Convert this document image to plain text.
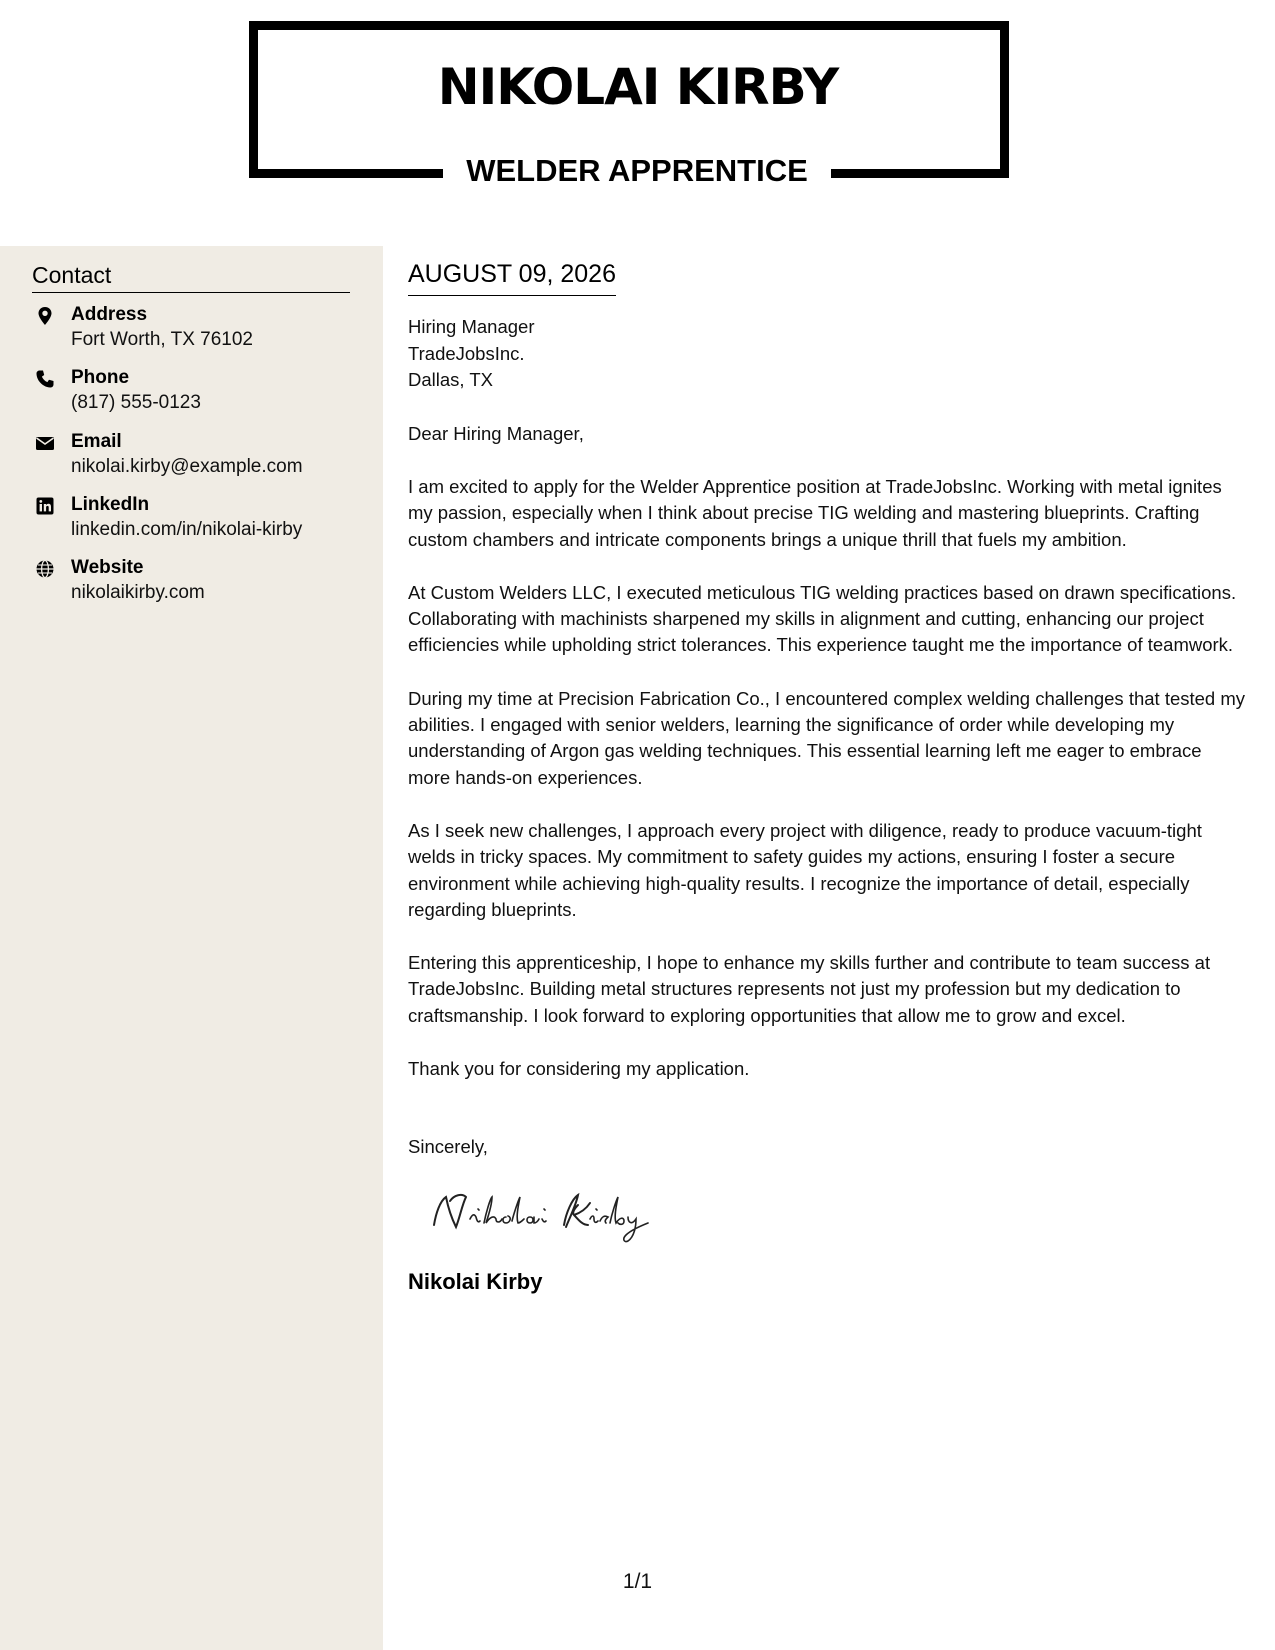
NIKOLAI KIRBY
WELDER APPRENTICE
Contact
Address
Fort Worth, TX 76102
Phone
(817) 555-0123
Email
nikolai.kirby@example.com
LinkedIn
linkedin.com/in/nikolai-kirby
Website
nikolaikirby.com
AUGUST 09, 2026
Hiring Manager
TradeJobsInc.
Dallas, TX
Dear Hiring Manager,

I am excited to apply for the Welder Apprentice position at TradeJobsInc. Working with metal ignites my passion, especially when I think about precise TIG welding and mastering blueprints. Crafting custom chambers and intricate components brings a unique thrill that fuels my ambition.

At Custom Welders LLC, I executed meticulous TIG welding practices based on drawn specifications. Collaborating with machinists sharpened my skills in alignment and cutting, enhancing our project efficiencies while upholding strict tolerances. This experience taught me the importance of teamwork.

During my time at Precision Fabrication Co., I encountered complex welding challenges that tested my abilities. I engaged with senior welders, learning the significance of order while developing my understanding of Argon gas welding techniques. This essential learning left me eager to embrace more hands-on experiences.

As I seek new challenges, I approach every project with diligence, ready to produce vacuum-tight welds in tricky spaces. My commitment to safety guides my actions, ensuring I foster a secure environment while achieving high-quality results. I recognize the importance of detail, especially regarding blueprints.

Entering this apprenticeship, I hope to enhance my skills further and contribute to team success at TradeJobsInc. Building metal structures represents not just my profession but my dedication to craftsmanship. I look forward to exploring opportunities that allow me to grow and excel.

Thank you for considering my application.

Sincerely,
Nikolai Kirby
1/1
